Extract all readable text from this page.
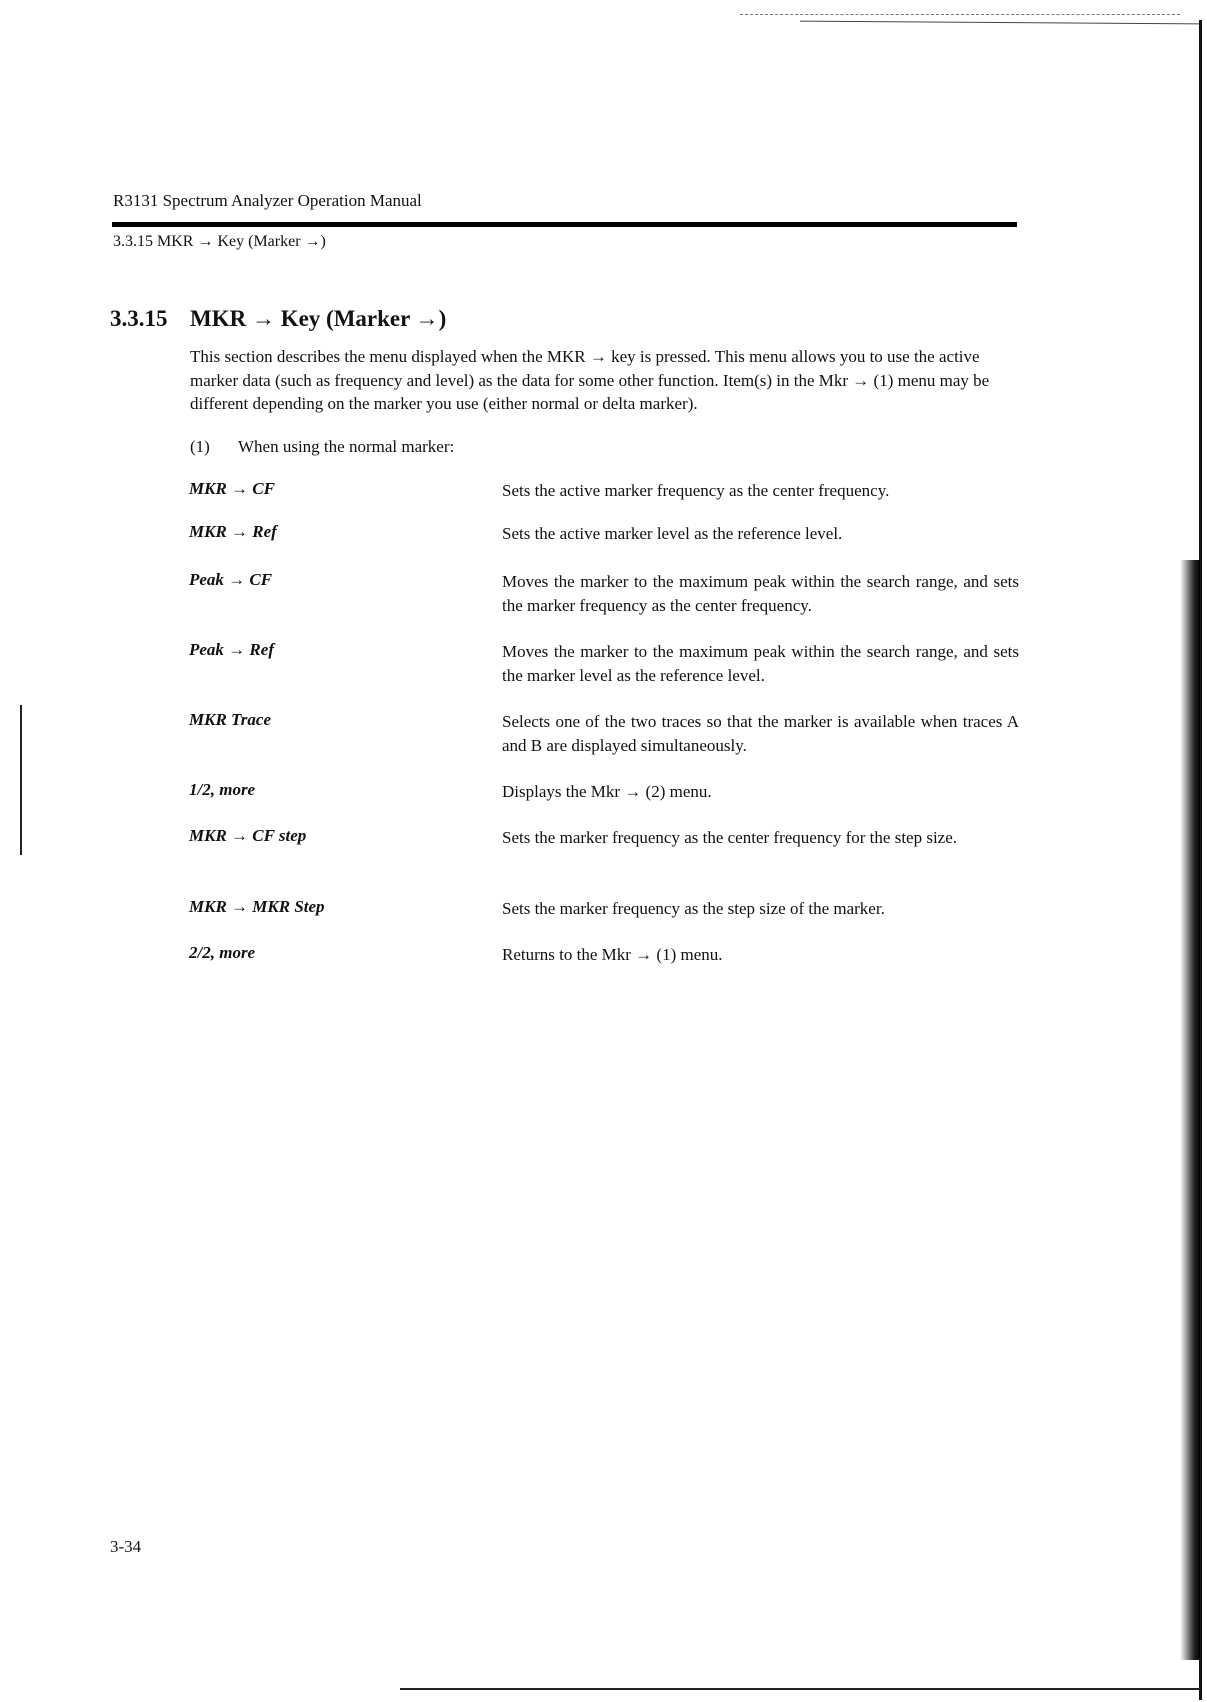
R3131 Spectrum Analyzer Operation Manual
3.3.15 MKR → Key (Marker →)
3.3.15 MKR → Key (Marker →)
This section describes the menu displayed when the MKR → key is pressed. This menu allows you to use the active marker data (such as frequency and level) as the data for some other function. Item(s) in the Mkr → (1) menu may be different depending on the marker you use (either normal or delta marker).
(1) When using the normal marker:
MKR → CF	Sets the active marker frequency as the center frequency.
MKR → Ref	Sets the active marker level as the reference level.
Peak → CF	Moves the marker to the maximum peak within the search range, and sets the marker frequency as the center frequency.
Peak → Ref	Moves the marker to the maximum peak within the search range, and sets the marker level as the reference level.
MKR Trace	Selects one of the two traces so that the marker is available when traces A and B are displayed simultaneously.
1/2, more	Displays the Mkr → (2) menu.
MKR → CF step	Sets the marker frequency as the center frequency for the step size.
MKR → MKR Step	Sets the marker frequency as the step size of the marker.
2/2, more	Returns to the Mkr → (1) menu.
3-34
